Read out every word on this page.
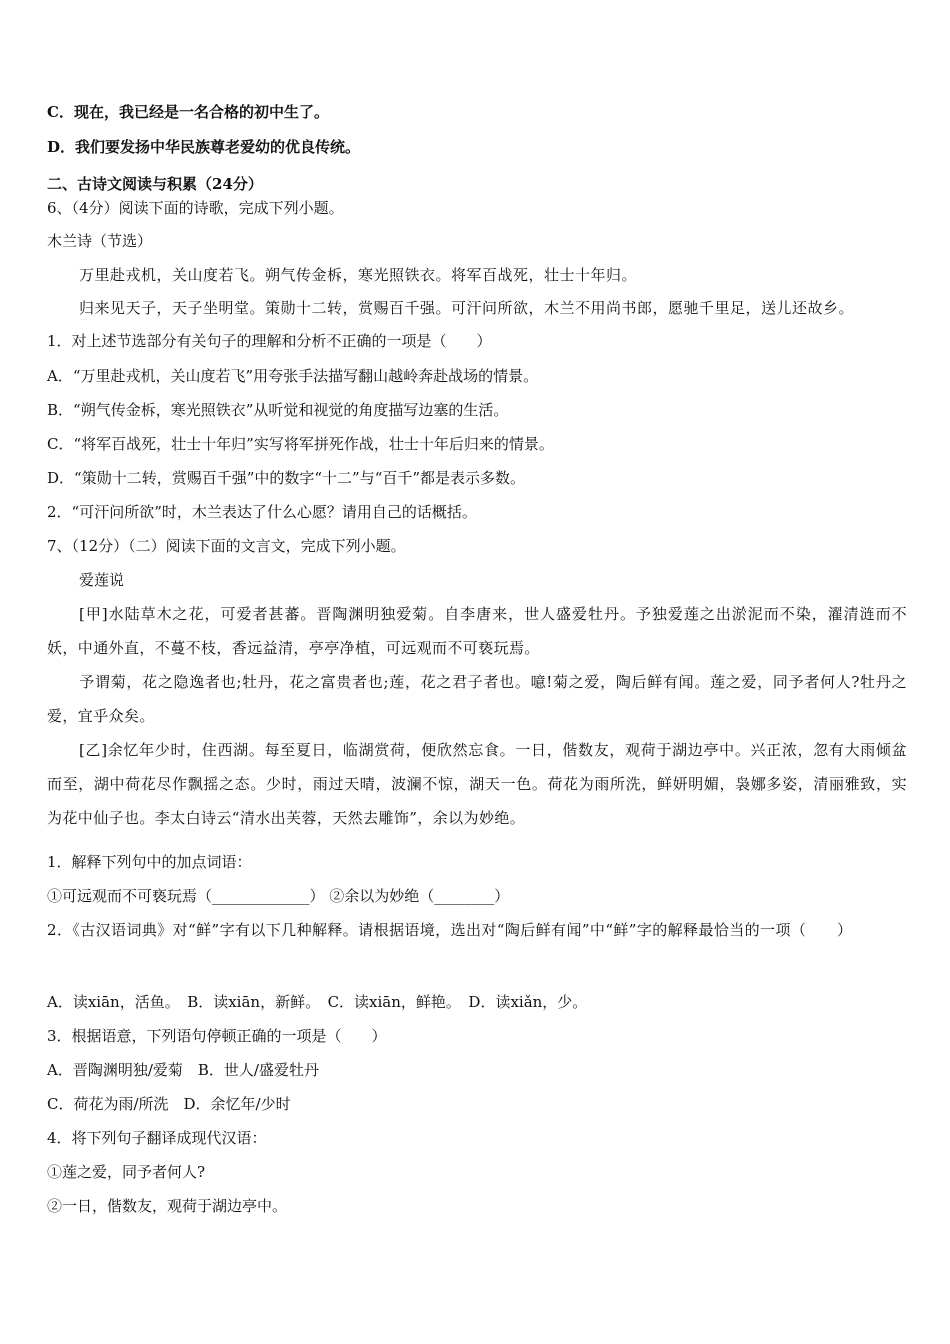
C．现在，我已经是一名合格的初中生了。
D．我们要发扬中华民族尊老爱幼的优良传统。
二、古诗文阅读与积累（24分）
6、（4分）阅读下面的诗歌，完成下列小题。
木兰诗（节选）
万里赴戎机，关山度若飞。朔气传金柝，寒光照铁衣。将军百战死，壮士十年归。
归来见天子，天子坐明堂。策勋十二转，赏赐百千强。可汗问所欲，木兰不用尚书郎，愿驰千里足，送儿还故乡。
1．对上述节选部分有关句子的理解和分析不正确的一项是（　　）
A．“万里赴戎机，关山度若飞”用夸张手法描写翻山越岭奔赴战场的情景。
B．“朔气传金柝，寒光照铁衣”从听觉和视觉的角度描写边塞的生活。
C．“将军百战死，壮士十年归”实写将军拼死作战，壮士十年后归来的情景。
D．“策勋十二转，赏赐百千强”中的数字“十二”与“百千”都是表示多数。
2．“可汗问所欲”时，木兰表达了什么心愿？请用自己的话概括。
7、（12分）（二）阅读下面的文言文，完成下列小题。
爱莲说
[甲]水陆草木之花，可爱者甚蕃。晋陶渊明独爱菊。自李唐来，世人盛爱牡丹。予独爱莲之出淤泥而不染，濯清涟而不妖，中通外直，不蔓不枝，香远益清，亭亭净植，可远观而不可亵玩焉。
予谓菊，花之隐逸者也;牡丹，花之富贵者也;莲，花之君子者也。噫!菊之爱，陶后鲜有闻。莲之爱，同予者何人?牡丹之爱，宜乎众矣。
[乙]余忆年少时，住西湖。每至夏日，临湖赏荷，便欣然忘食。一日，偕数友，观荷于湖边亭中。兴正浓，忽有大雨倾盆而至，湖中荷花尽作飘摇之态。少时，雨过天晴，波澜不惊，湖天一色。荷花为雨所洗，鲜妍明媚，袅娜多姿，清丽雅致，实为花中仙子也。李太白诗云“清水出芙蓉，天然去雕饰”，余以为妙绝。
1．解释下列句中的加点词语：
①可远观而不可亵玩焉（_____________） ②余以为妙绝（________）
2．《古汉语词典》对“鲜”字有以下几种解释。请根据语境，选出对“陶后鲜有闻”中“鲜”字的解释最恰当的一项（　　）
A．读xiān，活鱼。　B．读xiān，新鲜。　C．读xiān，鲜艳。　D．读xiǎn，少。
3．根据语意，下列语句停顿正确的一项是（　　）
A．晋陶渊明独/爱菊　B．世人/盛爱牡丹
C．荷花为雨/所洗　D．余忆年/少时
4．将下列句子翻译成现代汉语：
①莲之爱，同予者何人?
②一日，偕数友，观荷于湖边亭中。
